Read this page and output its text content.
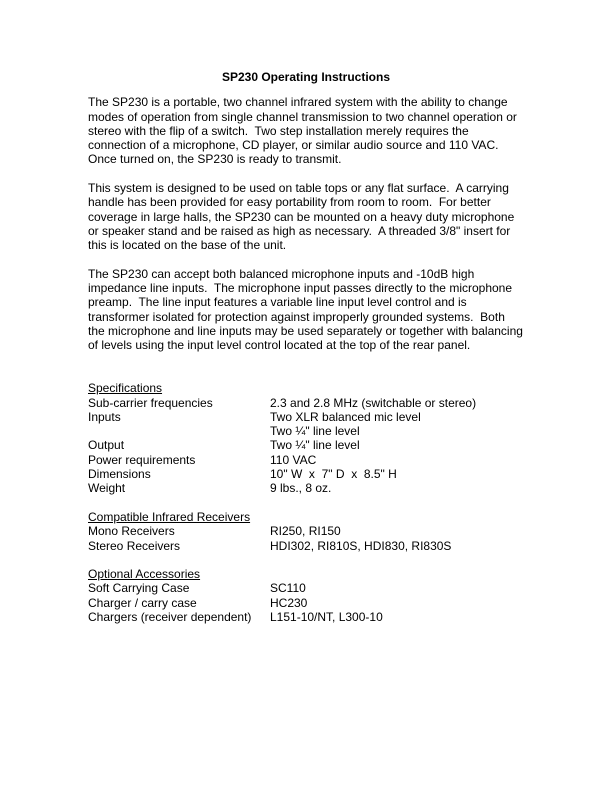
SP230 Operating Instructions

The SP230 is a portable, two channel infrared system with the ability to change modes of operation from single channel transmission to two channel operation or stereo with the flip of a switch.  Two step installation merely requires the connection of a microphone, CD player, or similar audio source and 110 VAC.  Once turned on, the SP230 is ready to transmit.

This system is designed to be used on table tops or any flat surface.  A carrying handle has been provided for easy portability from room to room.  For better coverage in large halls, the SP230 can be mounted on a heavy duty microphone or speaker stand and be raised as high as necessary.  A threaded 3/8" insert for this is located on the base of the unit.

The SP230 can accept both balanced microphone inputs and -10dB high impedance line inputs.  The microphone input passes directly to the microphone preamp.  The line input features a variable line input level control and is transformer isolated for protection against improperly grounded systems.  Both the microphone and line inputs may be used separately or together with balancing of levels using the input level control located at the top of the rear panel.

Specifications
Sub-carrier frequencies	2.3 and 2.8 MHz (switchable or stereo)
Inputs	Two XLR balanced mic level
Two ¼" line level
Output	Two ¼" line level
Power requirements	110 VAC
Dimensions	10" W  x  7" D  x  8.5" H
Weight	9 lbs., 8 oz.
Compatible Infrared Receivers
Mono Receivers	RI250, RI150
Stereo Receivers	HDI302, RI810S, HDI830, RI830S
Optional Accessories
Soft Carrying Case	SC110
Charger / carry case	HC230
Chargers (receiver dependent)	L151-10/NT, L300-10
